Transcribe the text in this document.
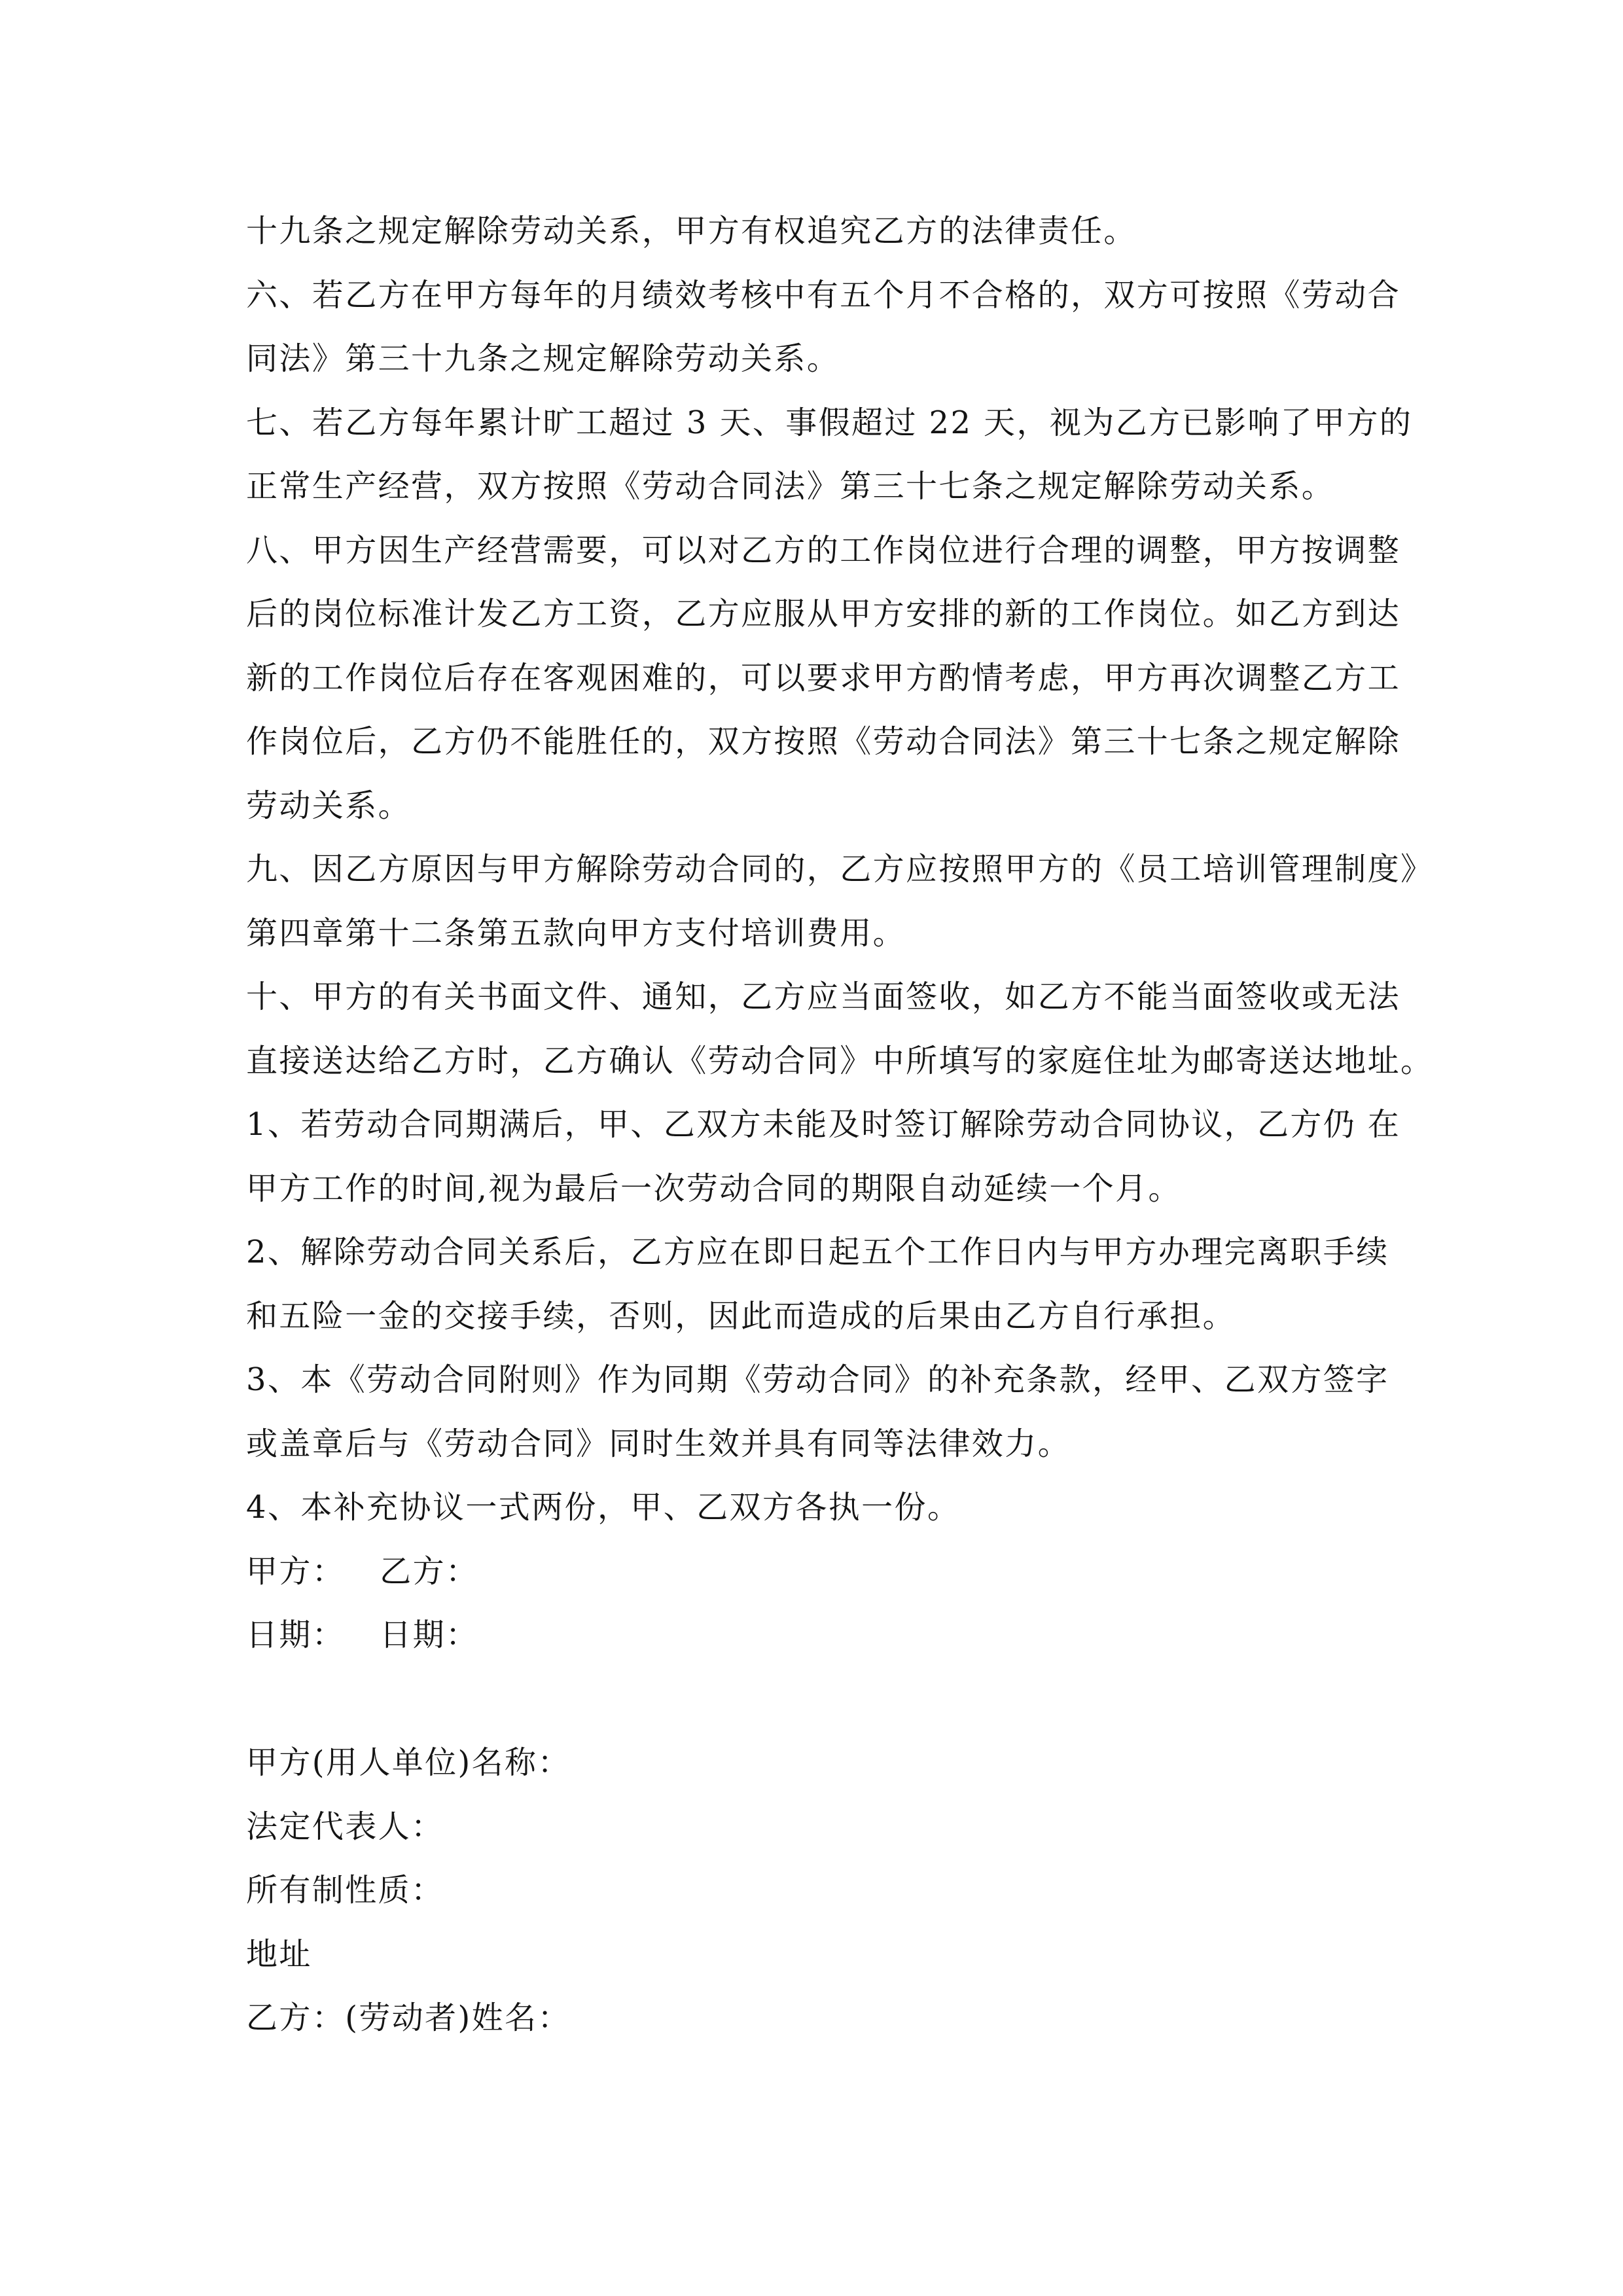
十九条之规定解除劳动关系，甲方有权追究乙方的法律责任。
六、若乙方在甲方每年的月绩效考核中有五个月不合格的，双方可按照《劳动合
同法》第三十九条之规定解除劳动关系。
七、若乙方每年累计旷工超过 3 天、事假超过 22 天，视为乙方已影响了甲方的
正常生产经营，双方按照《劳动合同法》第三十七条之规定解除劳动关系。
八、甲方因生产经营需要，可以对乙方的工作岗位进行合理的调整，甲方按调整
后的岗位标准计发乙方工资，乙方应服从甲方安排的新的工作岗位。如乙方到达
新的工作岗位后存在客观困难的，可以要求甲方酌情考虑，甲方再次调整乙方工
作岗位后，乙方仍不能胜任的，双方按照《劳动合同法》第三十七条之规定解除
劳动关系。
九、因乙方原因与甲方解除劳动合同的，乙方应按照甲方的《员工培训管理制度》
第四章第十二条第五款向甲方支付培训费用。
十、甲方的有关书面文件、通知，乙方应当面签收，如乙方不能当面签收或无法
直接送达给乙方时，乙方确认《劳动合同》中所填写的家庭住址为邮寄送达地址。
1、若劳动合同期满后，甲、乙双方未能及时签订解除劳动合同协议，乙方仍 在
甲方工作的时间,视为最后一次劳动合同的期限自动延续一个月。
2、解除劳动合同关系后，乙方应在即日起五个工作日内与甲方办理完离职手续
和五险一金的交接手续，否则，因此而造成的后果由乙方自行承担。
3、本《劳动合同附则》作为同期《劳动合同》的补充条款，经甲、乙双方签字
或盖章后与《劳动合同》同时生效并具有同等法律效力。
4、本补充协议一式两份，甲、乙双方各执一份。
甲方：   乙方：
日期：   日期：
甲方(用人单位)名称：
法定代表人：
所有制性质：
地址
乙方：(劳动者)姓名：
